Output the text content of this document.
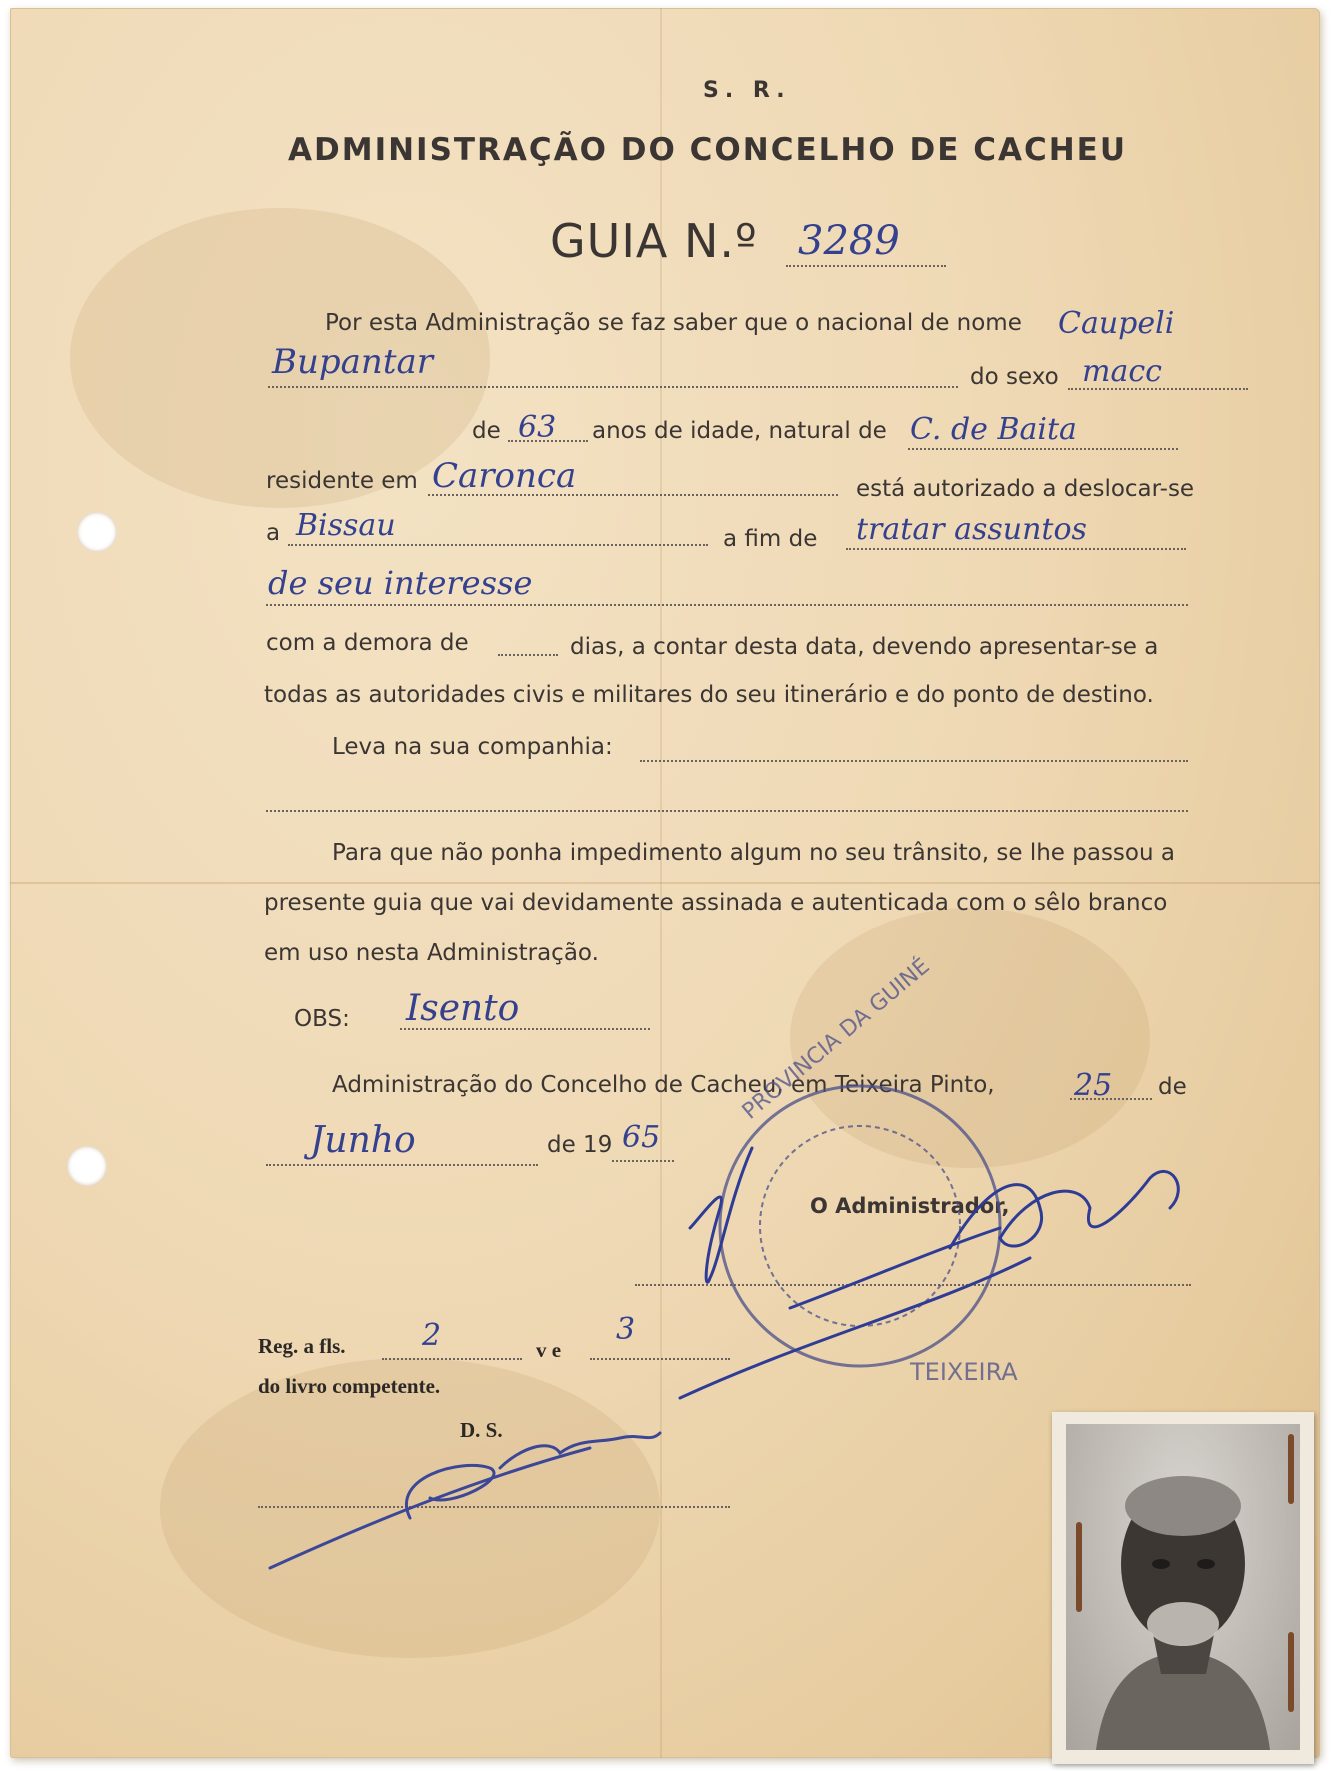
S. R.
ADMINISTRAÇÃO DO CONCELHO DE CACHEU
GUIA N.º 3289
Por esta Administração se faz saber que o nacional de nome Caupeli
Bupantar	do sexo macc
de 63 anos de idade, natural de C. de Baita
residente em Caronca	está autorizado a deslocar-se
a Bissau	a fim de tratar assuntos
de seu interesse
com a demora de	dias, a contar desta data, devendo apresentar-se a
todas as autoridades civis e militares do seu itinerário e do ponto de destino.
Leva na sua companhia:
Para que não ponha impedimento algum no seu trânsito, se lhe passou a
presente guia que vai devidamente assinada e autenticada com o sêlo branco
em uso nesta Administração.
OBS: Isento
Administração do Concelho de Cacheu, em Teixeira Pinto,	25 de
Junho	de 19 65
O Administrador,
PROVINCIA DA GUINÉ
TEIXEIRA
Reg. a fls.	2	v e
3
do livro competente.
D. S.
